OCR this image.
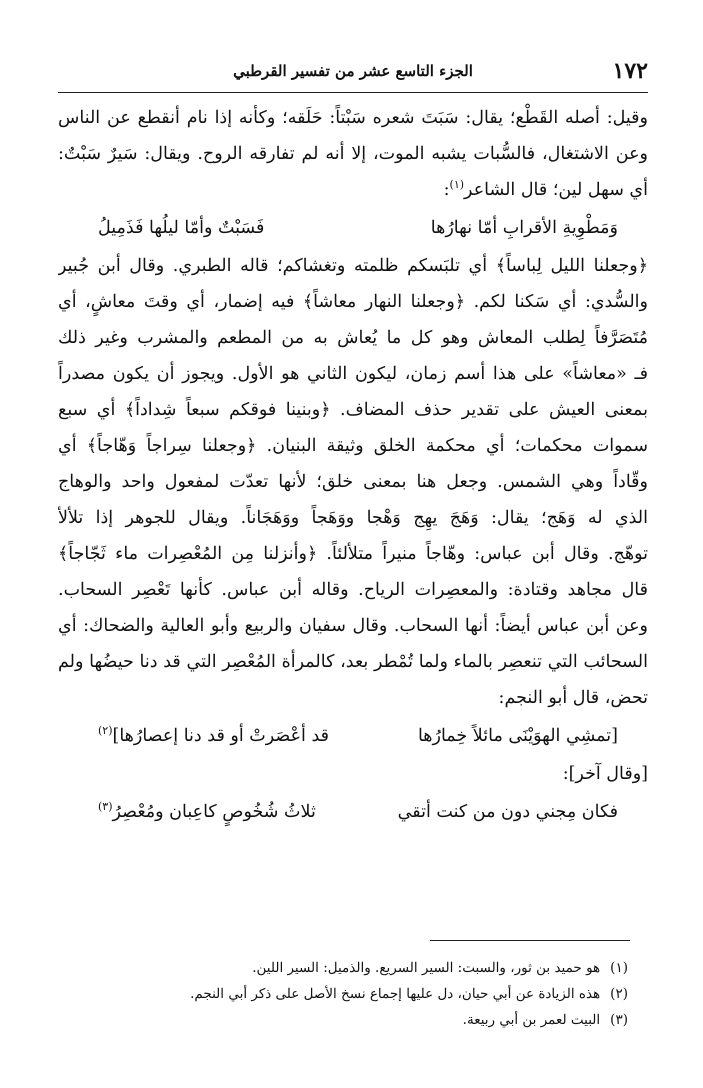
١٧٢
الجزء التاسع عشر من تفسير القرطبي
وقيل: أصله القَطْع؛ يقال: سَبَتَ شعره سَبْتاً: حَلَقه؛ وكأنه إذا نام أنقطع عن الناس
وعن الاشتغال، فالسُّبات يشبه الموت، إلا أنه لم تفارقه الروح. ويقال: سَيرٌ سَبْتٌ:
أي سهل لين؛ قال الشاعر$^{(١)}$:
وَمَطْوِيةِ الأقرابِ أمّا نهارُها
فَسَبْتٌ وأمّا ليلُها فَذَمِيلُ
﴿وجعلنا الليل لِباساً﴾ أي تلبَسكم ظلمته وتغشاكم؛ قاله الطبري. وقال أبن جُبير
والسُّدي: أي سَكنا لكم. ﴿وجعلنا النهار معاشاً﴾ فيه إضمار، أي وقتَ معاشٍ، أي
مُتَصَرَّفاً لِطلب المعاش وهو كل ما يُعاش به من المطعم والمشرب وغير ذلك
فـ «معاشاً» على هذا أسم زمان، ليكون الثاني هو الأول. ويجوز أن يكون مصدراً
بمعنى العيش على تقدير حذف المضاف. ﴿وبنينا فوقكم سبعاً شِداداً﴾ أي سبع
سموات محكمات؛ أي محكمة الخلق وثيقة البنيان. ﴿وجعلنا سِراجاً وَهّاجاً﴾ أي
وقّاداً وهي الشمس. وجعل هنا بمعنى خلق؛ لأنها تعدّت لمفعول واحد والوهاج
الذي له وَهَج؛ يقال: وَهَجَ يهِج وَهْجا ووَهَجاً ووَهَجَاناً. ويقال للجوهر إذا تلألأ
توهّج. وقال أبن عباس: وهّاجاً منيراً متلألئاً. ﴿وأنزلنا مِن المُعْصِرات ماء ثَجّاجاً﴾
قال مجاهد وقتادة: والمعصِرات الرياح. وقاله أبن عباس. كأنها تَعْصِر السحاب.
وعن أبن عباس أيضاً: أنها السحاب. وقال سفيان والربيع وأبو العالية والضحاك: أي
السحائب التي تنعصِر بالماء ولما تُمْطر بعد، كالمرأة المُعْصِر التي قد دنا حيضُها ولم
تحض، قال أبو النجم:
[تمشِي الهوَيْنَى مائلاً خِمارُها
قد أعْصَرتْ أو قد دنا إعصارُها]$^{(٢)}$
[وقال آخر]:
فكان مِجني دون من كنت أتقي
ثلاثُ شُخُوصٍ كاعِبان ومُعْصِرُ$^{(٣)}$
(١)هو حميد بن ثور، والسبت: السير السريع. والذميل: السير اللين.
(٢)هذه الزيادة عن أبي حيان، دل عليها إجماع نسخ الأصل على ذكر أبي النجم.
(٣)البيت لعمر بن أبي ربيعة.
